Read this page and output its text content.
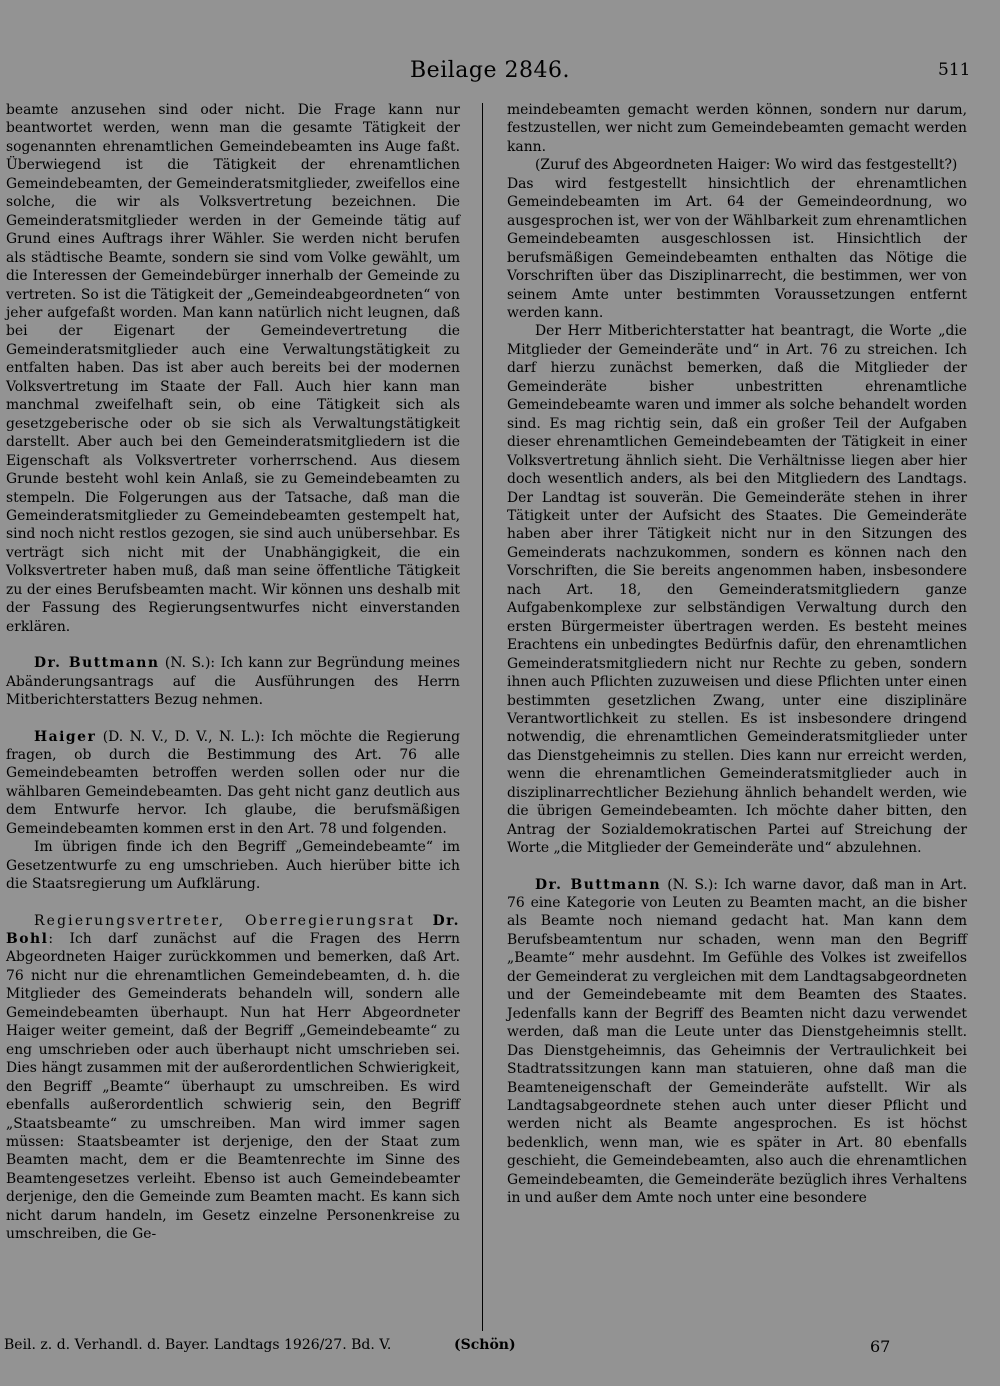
Beilage 2846.	511

beamte anzusehen sind oder nicht. Die Frage kann nur beantwortet werden, wenn man die gesamte Tätigkeit der sogenannten ehrenamtlichen Gemeindebeamten ins Auge faßt. Überwiegend ist die Tätigkeit der ehrenamtlichen Gemeindebeamten, der Gemeinderatsmitglieder, zweifellos eine solche, die wir als Volksvertretung bezeichnen. Die Gemeinderatsmitglieder werden in der Gemeinde tätig auf Grund eines Auftrags ihrer Wähler. Sie werden nicht berufen als städtische Beamte, sondern sie sind vom Volke gewählt, um die Interessen der Gemeindebürger innerhalb der Gemeinde zu vertreten. So ist die Tätigkeit der „Gemeindeabgeordneten“ von jeher aufgefaßt worden. Man kann natürlich nicht leugnen, daß bei der Eigenart der Gemeindevertretung die Gemeinderatsmitglieder auch eine Verwaltungstätigkeit zu entfalten haben. Das ist aber auch bereits bei der modernen Volksvertretung im Staate der Fall. Auch hier kann man manchmal zweifelhaft sein, ob eine Tätigkeit sich als gesetzgeberische oder ob sie sich als Verwaltungstätigkeit darstellt. Aber auch bei den Gemeinderatsmitgliedern ist die Eigenschaft als Volksvertreter vorherrschend. Aus diesem Grunde besteht wohl kein Anlaß, sie zu Gemeindebeamten zu stempeln. Die Folgerungen aus der Tatsache, daß man die Gemeinderatsmitglieder zu Gemeindebeamten gestempelt hat, sind noch nicht restlos gezogen, sie sind auch unübersehbar. Es verträgt sich nicht mit der Unabhängigkeit, die ein Volksvertreter haben muß, daß man seine öffentliche Tätigkeit zu der eines Berufsbeamten macht. Wir können uns deshalb mit der Fassung des Regierungsentwurfes nicht einverstanden erklären.

Dr. Buttmann (N. S.): Ich kann zur Begründung meines Abänderungsantrags auf die Ausführungen des Herrn Mitberichterstatters Bezug nehmen.

Haiger (D. N. V., D. V., N. L.): Ich möchte die Regierung fragen, ob durch die Bestimmung des Art. 76 alle Gemeindebeamten betroffen werden sollen oder nur die wählbaren Gemeindebeamten. Das geht nicht ganz deutlich aus dem Entwurfe hervor. Ich glaube, die berufsmäßigen Gemeindebeamten kommen erst in den Art. 78 und folgenden.

Im übrigen finde ich den Begriff „Gemeindebeamte“ im Gesetzentwurfe zu eng umschrieben. Auch hierüber bitte ich die Staatsregierung um Aufklärung.

Regierungsvertreter, Oberregierungsrat Dr. Bohl: Ich darf zunächst auf die Fragen des Herrn Abgeordneten Haiger zurückkommen und bemerken, daß Art. 76 nicht nur die ehrenamtlichen Gemeindebeamten, d. h. die Mitglieder des Gemeinderats behandeln will, sondern alle Gemeindebeamten überhaupt. Nun hat Herr Abgeordneter Haiger weiter gemeint, daß der Begriff „Gemeindebeamte“ zu eng umschrieben oder auch überhaupt nicht umschrieben sei. Dies hängt zusammen mit der außerordentlichen Schwierigkeit, den Begriff „Beamte“ überhaupt zu umschreiben. Es wird ebenfalls außerordentlich schwierig sein, den Begriff „Staatsbeamte“ zu umschreiben. Man wird immer sagen müssen: Staatsbeamter ist derjenige, den der Staat zum Beamten macht, dem er die Beamtenrechte im Sinne des Beamtengesetzes verleiht. Ebenso ist auch Gemeindebeamter derjenige, den die Gemeinde zum Beamten macht. Es kann sich nicht darum handeln, im Gesetz einzelne Personenkreise zu umschreiben, die Ge-

meindebeamten gemacht werden können, sondern nur darum, festzustellen, wer nicht zum Gemeindebeamten gemacht werden kann.

(Zuruf des Abgeordneten Haiger: Wo wird das festgestellt?)

Das wird festgestellt hinsichtlich der ehrenamtlichen Gemeindebeamten im Art. 64 der Gemeindeordnung, wo ausgesprochen ist, wer von der Wählbarkeit zum ehrenamtlichen Gemeindebeamten ausgeschlossen ist. Hinsichtlich der berufsmäßigen Gemeindebeamten enthalten das Nötige die Vorschriften über das Disziplinarrecht, die bestimmen, wer von seinem Amte unter bestimmten Voraussetzungen entfernt werden kann.

Der Herr Mitberichterstatter hat beantragt, die Worte „die Mitglieder der Gemeinderäte und“ in Art. 76 zu streichen. Ich darf hierzu zunächst bemerken, daß die Mitglieder der Gemeinderäte bisher unbestritten ehrenamtliche Gemeindebeamte waren und immer als solche behandelt worden sind. Es mag richtig sein, daß ein großer Teil der Aufgaben dieser ehrenamtlichen Gemeindebeamten der Tätigkeit in einer Volksvertretung ähnlich sieht. Die Verhältnisse liegen aber hier doch wesentlich anders, als bei den Mitgliedern des Landtags. Der Landtag ist souverän. Die Gemeinderäte stehen in ihrer Tätigkeit unter der Aufsicht des Staates. Die Gemeinderäte haben aber ihrer Tätigkeit nicht nur in den Sitzungen des Gemeinderats nachzukommen, sondern es können nach den Vorschriften, die Sie bereits angenommen haben, insbesondere nach Art. 18, den Gemeinderatsmitgliedern ganze Aufgabenkomplexe zur selbständigen Verwaltung durch den ersten Bürgermeister übertragen werden. Es besteht meines Erachtens ein unbedingtes Bedürfnis dafür, den ehrenamtlichen Gemeinderatsmitgliedern nicht nur Rechte zu geben, sondern ihnen auch Pflichten zuzuweisen und diese Pflichten unter einen bestimmten gesetzlichen Zwang, unter eine disziplinäre Verantwortlichkeit zu stellen. Es ist insbesondere dringend notwendig, die ehrenamtlichen Gemeinderatsmitglieder unter das Dienstgeheimnis zu stellen. Dies kann nur erreicht werden, wenn die ehrenamtlichen Gemeinderatsmitglieder auch in disziplinarrechtlicher Beziehung ähnlich behandelt werden, wie die übrigen Gemeindebeamten. Ich möchte daher bitten, den Antrag der Sozialdemokratischen Partei auf Streichung der Worte „die Mitglieder der Gemeinderäte und“ abzulehnen.

Dr. Buttmann (N. S.): Ich warne davor, daß man in Art. 76 eine Kategorie von Leuten zu Beamten macht, an die bisher als Beamte noch niemand gedacht hat. Man kann dem Berufsbeamtentum nur schaden, wenn man den Begriff „Beamte“ mehr ausdehnt. Im Gefühle des Volkes ist zweifellos der Gemeinderat zu vergleichen mit dem Landtagsabgeordneten und der Gemeindebeamte mit dem Beamten des Staates. Jedenfalls kann der Begriff des Beamten nicht dazu verwendet werden, daß man die Leute unter das Dienstgeheimnis stellt. Das Dienstgeheimnis, das Geheimnis der Vertraulichkeit bei Stadtratssitzungen kann man statuieren, ohne daß man die Beamteneigenschaft der Gemeinderäte aufstellt. Wir als Landtagsabgeordnete stehen auch unter dieser Pflicht und werden nicht als Beamte angesprochen. Es ist höchst bedenklich, wenn man, wie es später in Art. 80 ebenfalls geschieht, die Gemeindebeamten, also auch die ehrenamtlichen Gemeindebeamten, die Gemeinderäte bezüglich ihres Verhaltens in und außer dem Amte noch unter eine besondere

Beil. z. d. Verhandl. d. Bayer. Landtags 1926/27. Bd. V.	(Schön)	67
